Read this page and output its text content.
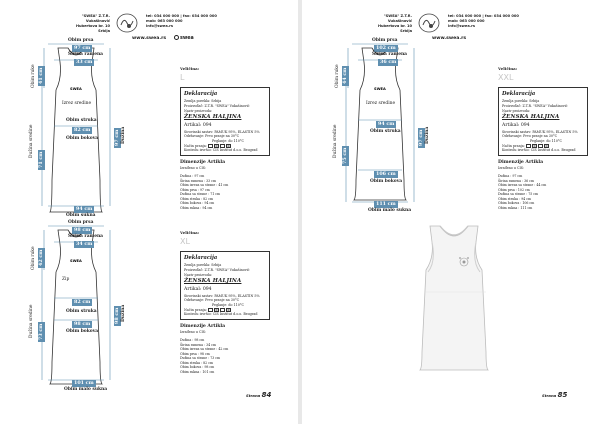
"SWEA" Z.T.R. Vukašinović
Hubertova br. 10
Srbija
tel: 034 000 000 | fax: 034 000 000
mob: 063 000 000
info@swea.rs
www.swea.rs	swea
SWEA
Obim prsa
97 cm
Širina ramena
33 cm
41 cm
Obim ruke
Izrez sredine
Obim struka
82 cm
Obim bokova
71 cm
Dužina sredine	97 cm Dužina
94 cm
Obim sukna
Veličina:
L
Deklaracija
Zemlja porekla: Srbija
Proizvođač: Z.T.R. "SWEA" Vukašinović
Naziv proizvoda:
ŽENSKA HALJINA
Artikal: 094
Sirovinski sastav: PAMUK 95%, ELASTIN 5%
Održavanje: Prvo pranje na 30°C
Peglanje: do 110°C
Način pranja:
Kontrolu izvršio: CIS Institut d.o.o. Beograd
Dimenzije Artikla
Izrađeno u CIS:
Dužina : 97 cm
Širina ramena : 33 cm
Obim izreza sa strane : 41 cm
Obim prsa : 97 cm
Dužina sa strane : 71 cm
Obim struka : 82 cm
Obim bokova : 94 cm
Obim sukna : 94 cm
SWEA
Obim prsa
98 cm
Širina ramena
34 cm
42 cm
Obim ruke
Zip
82 cm
Obim struka
98 cm
Obim bokova
73 cm
Dužina sredine	98 cm Dužina
101 cm
Obim malo sukna
Veličina:
XL
Deklaracija
Zemlja porekla: Srbija
Proizvođač: Z.T.R. "SWEA" Vukašinović
Naziv proizvoda:
ŽENSKA HALJINA
Artikal: 094
Sirovinski sastav: PAMUK 95%, ELASTIN 5%
Održavanje: Prvo pranje na 30°C
Peglanje: do 110°C
Način pranja:
Kontrolu izvršio: CIS Institut d.o.o. Beograd
Dimenzije Artikla
Izrađeno u CIS:
Dužina : 98 cm
Širina ramena : 34 cm
Obim izreza sa strane : 42 cm
Obim prsa : 98 cm
Dužina sa strane : 73 cm
Obim struka : 82 cm
Obim bokova : 98 cm
Obim sukna : 101 cm
Strana 84
"SWEA" Z.T.R. Vukašinović
Hubertova br. 10
Srbija
tel: 034 000 000 | fax: 034 000 000
mob: 063 000 000
info@swea.rs
www.swea.rs
SWEA
Obim prsa
102 cm
Širina ramena
36 cm
44 cm
Obim ruke
Izrez sredine
94 cm
Obim struka
106 cm
Obim bokova
75 cm
Dužina sredine	97 cm Dužina
111 cm
Obim malo sukna
Veličina:
XXL
Deklaracija
Zemlja porekla: Srbija
Proizvođač: Z.T.R. "SWEA" Vukašinović
Naziv proizvoda:
ŽENSKA HALJINA
Artikal: 094
Sirovinski sastav: PAMUK 95%, ELASTIN 5%
Održavanje: Prvo pranje na 30°C
Peglanje: do 110°C
Način pranja:
Kontrolu izvršio: CIS Institut d.o.o. Beograd
Dimenzije Artikla
Izrađeno u CIS:
Dužina : 97 cm
Širina ramena : 36 cm
Obim izreza sa strane : 44 cm
Obim prsa : 102 cm
Dužina sa strane : 75 cm
Obim struka : 94 cm
Obim bokova : 106 cm
Obim sukna : 111 cm
Strana 85
